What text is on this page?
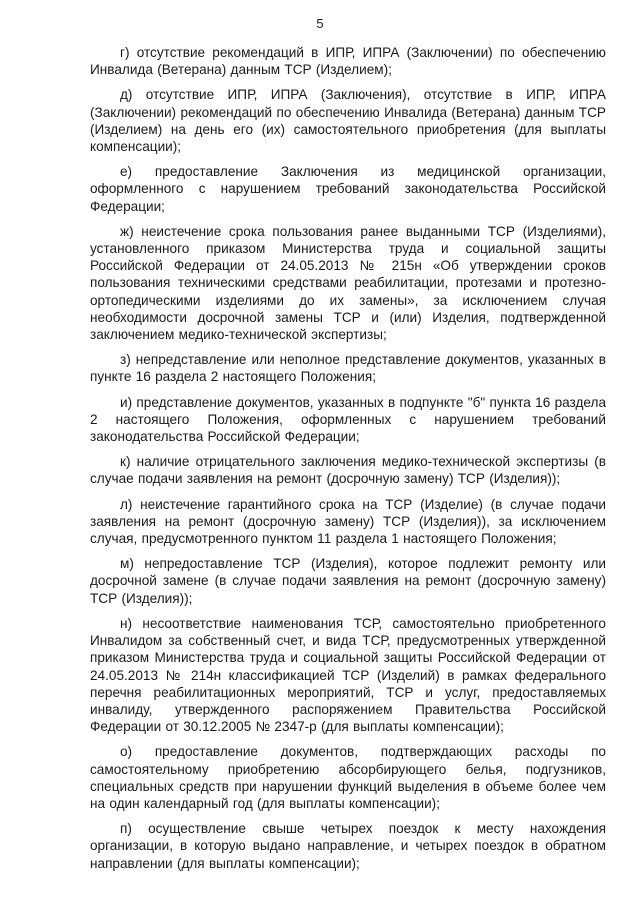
5

г) отсутствие рекомендаций в ИПР, ИПРА (Заключении) по обеспечению Инвалида (Ветерана) данным ТСР (Изделием);

д) отсутствие ИПР, ИПРА (Заключения), отсутствие в ИПР, ИПРА (Заключении) рекомендаций по обеспечению Инвалида (Ветерана) данным ТСР (Изделием) на день его (их) самостоятельного приобретения (для выплаты компенсации);

е) предоставление Заключения из медицинской организации, оформленного с нарушением требований законодательства Российской Федерации;

ж) неистечение срока пользования ранее выданными ТСР (Изделиями), установленного приказом Министерства труда и социальной защиты Российской Федерации от 24.05.2013 № 215н «Об утверждении сроков пользования техническими средствами реабилитации, протезами и протезно-ортопедическими изделиями до их замены», за исключением случая необходимости досрочной замены ТСР и (или) Изделия, подтвержденной заключением медико-технической экспертизы;

з) непредставление или неполное представление документов, указанных в пункте 16 раздела 2 настоящего Положения;

и) представление документов, указанных в подпункте "б" пункта 16 раздела 2 настоящего Положения, оформленных с нарушением требований законодательства Российской Федерации;

к) наличие отрицательного заключения медико-технической экспертизы (в случае подачи заявления на ремонт (досрочную замену) ТСР (Изделия));

л) неистечение гарантийного срока на ТСР (Изделие) (в случае подачи заявления на ремонт (досрочную замену) ТСР (Изделия)), за исключением случая, предусмотренного пунктом 11 раздела 1 настоящего Положения;

м) непредоставление ТСР (Изделия), которое подлежит ремонту или досрочной замене (в случае подачи заявления на ремонт (досрочную замену) ТСР (Изделия));

н) несоответствие наименования ТСР, самостоятельно приобретенного Инвалидом за собственный счет, и вида ТСР, предусмотренных утвержденной приказом Министерства труда и социальной защиты Российской Федерации от 24.05.2013 № 214н классификацией ТСР (Изделий) в рамках федерального перечня реабилитационных мероприятий, ТСР и услуг, предоставляемых инвалиду, утвержденного распоряжением Правительства Российской Федерации от 30.12.2005 № 2347-р (для выплаты компенсации);

о) предоставление документов, подтверждающих расходы по самостоятельному приобретению абсорбирующего белья, подгузников, специальных средств при нарушении функций выделения в объеме более чем на один календарный год (для выплаты компенсации);

п) осуществление свыше четырех поездок к месту нахождения организации, в которую выдано направление, и четырех поездок в обратном направлении (для выплаты компенсации);
